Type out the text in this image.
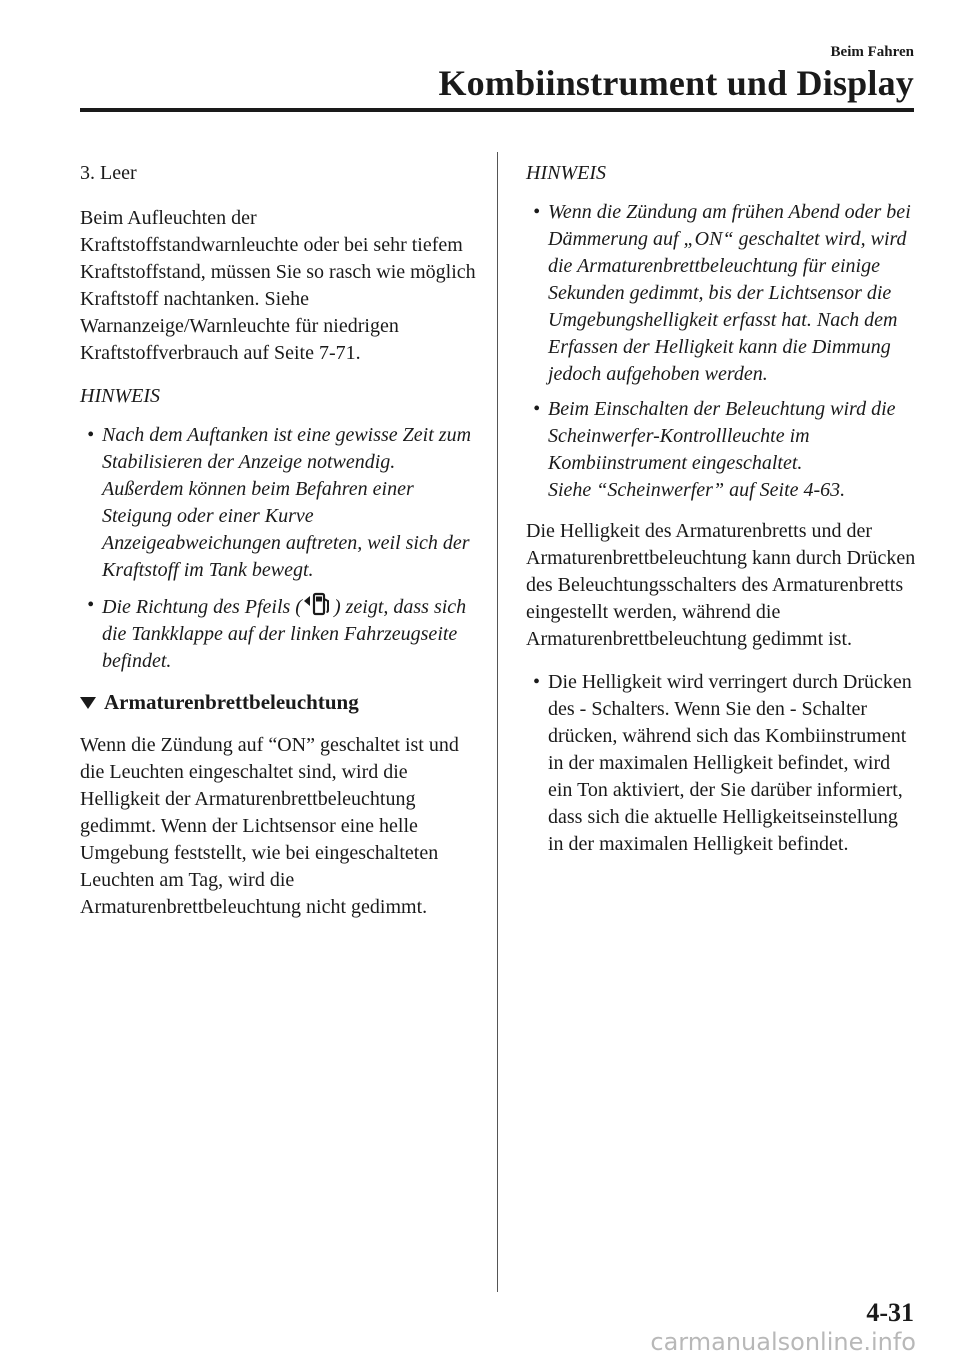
Beim Fahren
Kombiinstrument und Display

3. Leer

Beim Aufleuchten der Kraftstoffstandwarnleuchte oder bei sehr tiefem Kraftstoffstand, müssen Sie so rasch wie möglich Kraftstoff nachtanken. Siehe Warnanzeige/Warnleuchte für niedrigen Kraftstoffverbrauch auf Seite 7-71.

HINWEIS

• Nach dem Auftanken ist eine gewisse Zeit zum Stabilisieren der Anzeige notwendig. Außerdem können beim Befahren einer Steigung oder einer Kurve Anzeigeabweichungen auftreten, weil sich der Kraftstoff im Tank bewegt.
• Die Richtung des Pfeils ( ) zeigt, dass sich die Tankklappe auf der linken Fahrzeugseite befindet.
Armaturenbrettbeleuchtung

Wenn die Zündung auf “ON” geschaltet ist und die Leuchten eingeschaltet sind, wird die Helligkeit der Armaturenbrettbeleuchtung gedimmt. Wenn der Lichtsensor eine helle Umgebung feststellt, wie bei eingeschalteten Leuchten am Tag, wird die Armaturenbrettbeleuchtung nicht gedimmt.

HINWEIS

• Wenn die Zündung am frühen Abend oder bei Dämmerung auf „ON“ geschaltet wird, wird die Armaturenbrettbeleuchtung für einige Sekunden gedimmt, bis der Lichtsensor die Umgebungshelligkeit erfasst hat. Nach dem Erfassen der Helligkeit kann die Dimmung jedoch aufgehoben werden.
• Beim Einschalten der Beleuchtung wird die Scheinwerfer-Kontrollleuchte im Kombiinstrument eingeschaltet.
Siehe “Scheinwerfer” auf Seite 4-63.

Die Helligkeit des Armaturenbretts und der Armaturenbrettbeleuchtung kann durch Drücken des Beleuchtungsschalters des Armaturenbretts eingestellt werden, während die Armaturenbrettbeleuchtung gedimmt ist.

• Die Helligkeit wird verringert durch Drücken des - Schalters. Wenn Sie den - Schalter drücken, während sich das Kombiinstrument in der maximalen Helligkeit befindet, wird ein Ton aktiviert, der Sie darüber informiert, dass sich die aktuelle Helligkeitseinstellung in der maximalen Helligkeit befindet.
4-31
carmanualsonline.info
